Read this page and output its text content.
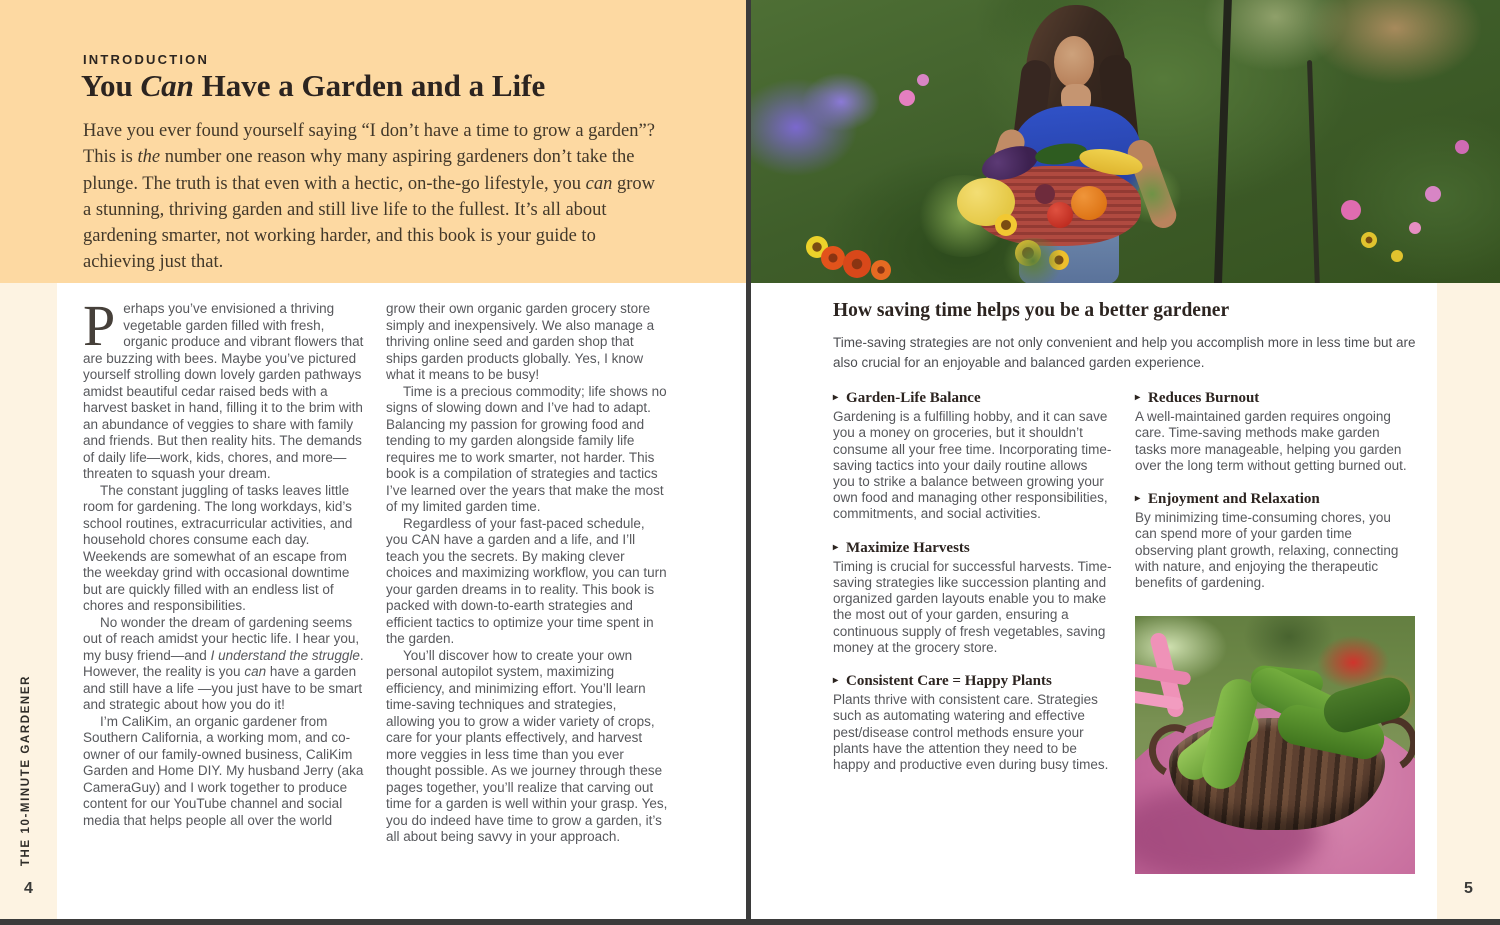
INTRODUCTION
You Can Have a Garden and a Life

Have you ever found yourself saying “I don’t have a time to grow a garden”? This is the number one reason why many aspiring gardeners don’t take the plunge. The truth is that even with a hectic, on-the-go lifestyle, you can grow a stunning, thriving garden and still live life to the fullest. It’s all about gardening smarter, not working harder, and this book is your guide to achieving just that.

THE 10-MINUTE GARDENER
4

Perhaps you’ve envisioned a thriving vegetable garden filled with fresh, organic produce and vibrant flowers that are buzzing with bees. Maybe you’ve pictured yourself strolling down lovely garden pathways amidst beautiful cedar raised beds with a harvest basket in hand, filling it to the brim with an abundance of veggies to share with family and friends. But then reality hits. The demands of daily life—work, kids, chores, and more—threaten to squash your dream.

The constant juggling of tasks leaves little room for gardening. The long workdays, kid’s school routines, extracurricular activities, and household chores consume each day. Weekends are somewhat of an escape from the weekday grind with occasional downtime but are quickly filled with an endless list of chores and responsibilities.

No wonder the dream of gardening seems out of reach amidst your hectic life. I hear you, my busy friend—and I understand the struggle. However, the reality is you can have a garden and still have a life —you just have to be smart and strategic about how you do it!

I’m CaliKim, an organic gardener from Southern California, a working mom, and co-owner of our family-owned business, CaliKim Garden and Home DIY. My husband Jerry (aka CameraGuy) and I work together to produce content for our YouTube channel and social media that helps people all over the world

grow their own organic garden grocery store simply and inexpensively. We also manage a thriving online seed and garden shop that ships garden products globally. Yes, I know what it means to be busy!

Time is a precious commodity; life shows no signs of slowing down and I’ve had to adapt. Balancing my passion for growing food and tending to my garden alongside family life requires me to work smarter, not harder. This book is a compilation of strategies and tactics I’ve learned over the years that make the most of my limited garden time.

Regardless of your fast-paced schedule, you CAN have a garden and a life, and I’ll teach you the secrets. By making clever choices and maximizing workflow, you can turn your garden dreams in to reality. This book is packed with down-to-earth strategies and efficient tactics to optimize your time spent in the garden.

You’ll discover how to create your own personal autopilot system, maximizing efficiency, and minimizing effort. You’ll learn time-saving techniques and strategies, allowing you to grow a wider variety of crops, care for your plants effectively, and harvest more veggies in less time than you ever thought possible. As we journey through these pages together, you’ll realize that carving out time for a garden is well within your grasp. Yes, you do indeed have time to grow a garden, it’s all about being savvy in your approach.

How saving time helps you be a better gardener

Time-saving strategies are not only convenient and help you accomplish more in less time but are also crucial for an enjoyable and balanced garden experience.

▸ Garden-Life Balance

Gardening is a fulfilling hobby, and it can save you a money on groceries, but it shouldn’t consume all your free time. Incorporating time-saving tactics into your daily routine allows you to strike a balance between growing your own food and managing other responsibilities, commitments, and social activities.

▸ Maximize Harvests

Timing is crucial for successful harvests. Time-saving strategies like succession planting and organized garden layouts enable you to make the most out of your garden, ensuring a continuous supply of fresh vegetables, saving money at the grocery store.

▸ Consistent Care = Happy Plants

Plants thrive with consistent care. Strategies such as automating watering and effective pest/disease control methods ensure your plants have the attention they need to be happy and productive even during busy times.

▸ Reduces Burnout

A well-maintained garden requires ongoing care. Time-saving methods make garden tasks more manageable, helping you garden over the long term without getting burned out.

▸ Enjoyment and Relaxation

By minimizing time-consuming chores, you can spend more of your garden time observing plant growth, relaxing, connecting with nature, and enjoying the therapeutic benefits of gardening.

5
